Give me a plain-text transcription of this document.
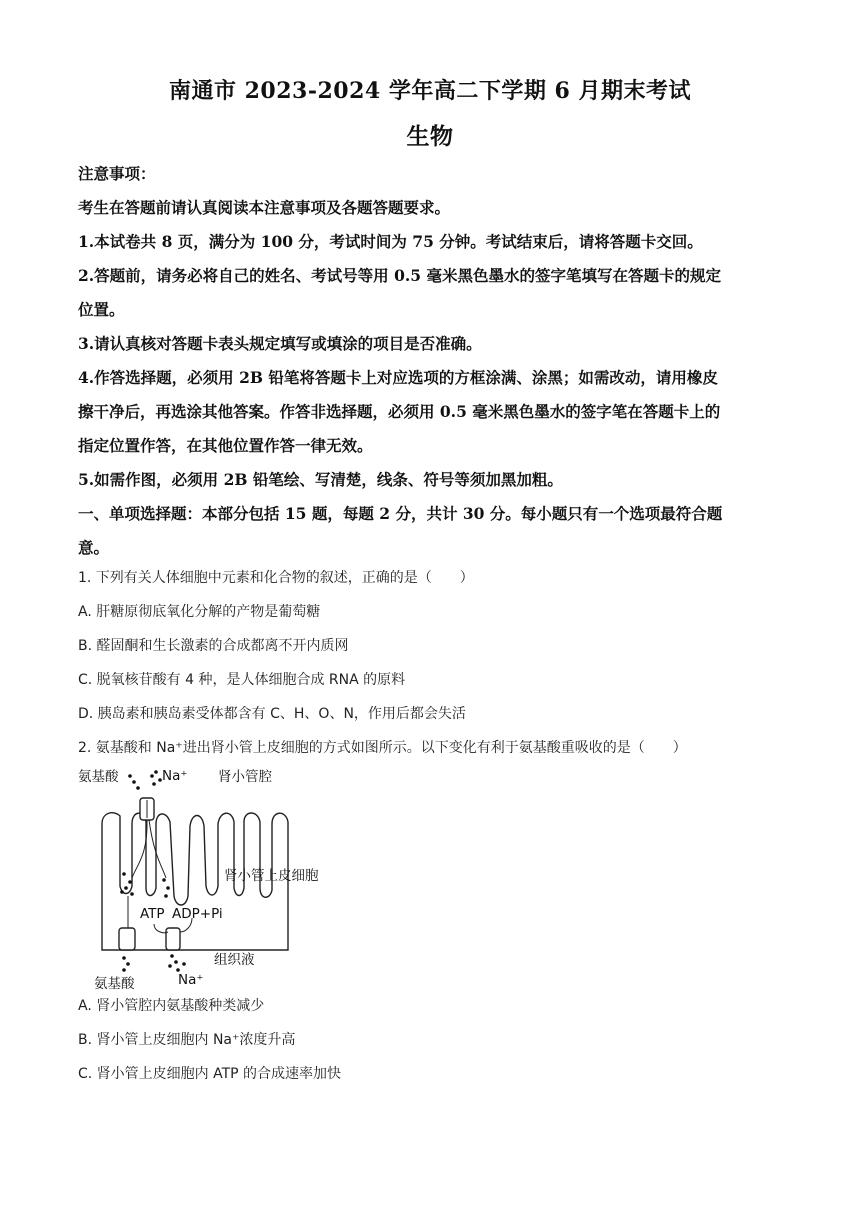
南通市 2023-2024 学年高二下学期 6 月期末考试
生物
注意事项：
考生在答题前请认真阅读本注意事项及各题答题要求。
1.本试卷共 8 页，满分为 100 分，考试时间为 75 分钟。考试结束后，请将答题卡交回。
2.答题前，请务必将自己的姓名、考试号等用 0.5 毫米黑色墨水的签字笔填写在答题卡的规定
位置。
3.请认真核对答题卡表头规定填写或填涂的项目是否准确。
4.作答选择题，必须用 2B 铅笔将答题卡上对应选项的方框涂满、涂黑；如需改动，请用橡皮
擦干净后，再选涂其他答案。作答非选择题，必须用 0.5 毫米黑色墨水的签字笔在答题卡上的
指定位置作答，在其他位置作答一律无效。
5.如需作图，必须用 2B 铅笔绘、写清楚，线条、符号等须加黑加粗。
一、单项选择题：本部分包括 15 题，每题 2 分，共计 30 分。每小题只有一个选项最符合题
意。
1. 下列有关人体细胞中元素和化合物的叙述，正确的是（　　）
A. 肝糖原彻底氧化分解的产物是葡萄糖
B. 醛固酮和生长激素的合成都离不开内质网
C. 脱氧核苷酸有 4 种，是人体细胞合成 RNA 的原料
D. 胰岛素和胰岛素受体都含有 C、H、O、N，作用后都会失活
2. 氨基酸和 Na⁺进出肾小管上皮细胞的方式如图所示。以下变化有利于氨基酸重吸收的是（　　）
氨基酸	Na⁺ 肾小管腔
肾小管上皮细胞
ATP ADP+Pi
组织液
氨基酸	Na⁺
A. 肾小管腔内氨基酸种类减少
B. 肾小管上皮细胞内 Na⁺浓度升高
C. 肾小管上皮细胞内 ATP 的合成速率加快
